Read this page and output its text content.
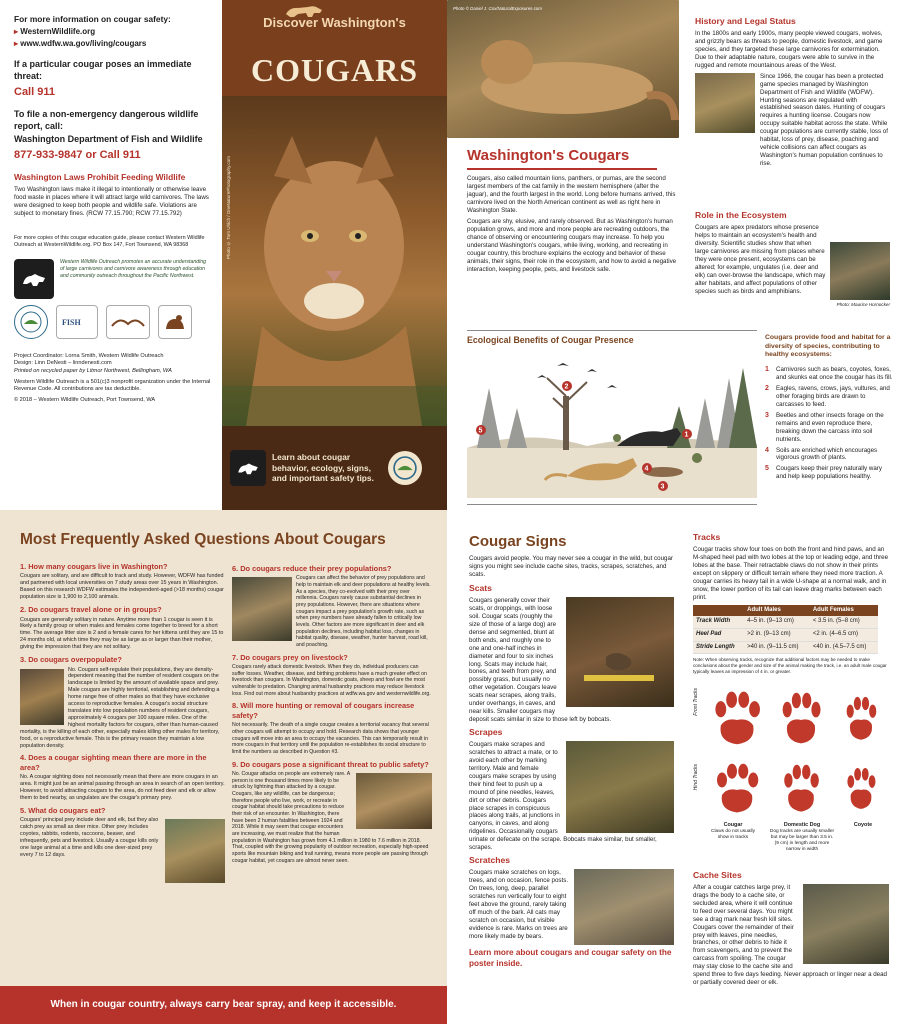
For more information on cougar safety:
▸ WesternWildlife.org
▸ www.wdfw.wa.gov/living/cougars
If a particular cougar poses an immediate threat:
Call 911
To file a non-emergency dangerous wildlife report, call:
Washington Department of Fish and Wildlife
877-933-9847 or Call 911
Washington Laws Prohibit Feeding Wildlife

Two Washington laws make it illegal to intentionally or otherwise leave food waste in places where it will attract large wild carnivores. The laws were designed to keep both people and wildlife safe. Violations are subject to monetary fines. (RCW 77.15.790; RCW 77.15.792)

For more copies of this cougar education guide, please contact Western Wildlife Outreach at WesternWildlife.org. PO Box 147, Fort Townsend, WA 98368

Western Wildlife Outreach promotes an accurate understanding of large carnivores and carnivore awareness through education and community outreach throughout the Pacific Northwest.

FISH
Project Coordinator: Lorna Smith, Western Wildlife Outreach
Design: Linn DeNesti – linndenesti.com
Printed on recycled paper by Litmor Northwest, Bellingham, WA

Western Wildlife Outreach is a 501(c)3 nonprofit organization under the Internal Revenue Code. All contributions are tax deductible.

© 2018 – Western Wildlife Outreach, Port Townsend, WA

Discover Washington's
COUGARS
Photo © Tom Ulrich / OneNaturePhotography.com
Learn about cougar behavior, ecology, signs, and important safety tips.
Photo © Daniel J. Cox/NaturalExposures.com
Washington's Cougars

Cougars, also called mountain lions, panthers, or pumas, are the second largest members of the cat family in the western hemisphere (after the jaguar), and the fourth largest in the world. Long before humans arrived, this carnivore lived on the North American continent as well as right here in Washington State.

Cougars are shy, elusive, and rarely observed. But as Washington's human population grows, and more and more people are recreating outdoors, the chance of observing or encountering cougars may increase. To help you understand Washington's cougars, while living, working, and recreating in cougar country, this brochure explains the ecology and behavior of these animals, their signs, their role in the ecosystem, and how to avoid a negative interaction, keeping people, pets, and livestock safe.

History and Legal Status

In the 1800s and early 1900s, many people viewed cougars, wolves, and grizzly bears as threats to people, domestic livestock, and game species, and they targeted these large carnivores for extermination. Due to their adaptable nature, cougars were able to survive in the rugged and remote mountainous areas of the West.

Since 1966, the cougar has been a protected game species managed by Washington Department of Fish and Wildlife (WDFW). Hunting seasons are regulated with established season dates. Hunting of cougars requires a hunting license. Cougars now occupy suitable habitat across the state. While cougar populations are currently stable, loss of habitat, loss of prey, disease, poaching and vehicle collisions can affect cougars as Washington's human population continues to rise.

Role in the Ecosystem

Cougars are apex predators whose presence helps to maintain an ecosystem's health and diversity. Scientific studies show that when large carnivores are missing from places where they were once present, ecosystems can be altered; for example, ungulates (i.e. deer and elk) can over-browse the landscape, which may alter habitats, and affect populations of other species such as birds and amphibians.

Photo: Maurice Hornocker
Ecological Benefits of Cougar Presence
5
2
1
4
3
Cougars provide food and habitat for a diversity of species, contributing to healthy ecosystems:
1	Carnivores such as bears, coyotes, foxes, and skunks eat once the cougar has its fill.
2	Eagles, ravens, crows, jays, vultures, and other foraging birds are drawn to carcasses to feed.
3	Beetles and other insects forage on the remains and even reproduce there, breaking down the carcass into soil nutrients.
4	Soils are enriched which encourages vigorous growth of plants.
5	Cougars keep their prey naturally wary and help keep populations healthy.
Most Frequently Asked Questions About Cougars
1. How many cougars live in Washington?

Cougars are solitary, and are difficult to track and study. However, WDFW has funded and partnered with local universities on 7 study areas over 15 years in Washington. Based on this research WDFW estimates the independent-aged (>18 months) cougar population size is 1,900 to 2,100 animals.

2. Do cougars travel alone or in groups?

Cougars are generally solitary in nature. Anytime more than 1 cougar is seen it is likely a family group or when males and females come together to breed for a short time. The average litter size is 2 and a female cares for her kittens until they are 15 to 24 months old, at which time they may be as large as or larger than their mother, giving the impression that they are not solitary.

3. Do cougars overpopulate?

No. Cougars self-regulate their populations, they are density-dependent meaning that the number of resident cougars on the landscape is limited by the amount of available space and prey. Male cougars are highly territorial, establishing and defending a home range free of other males so that they have exclusive access to reproductive females. A cougar's social structure translates into low population numbers of resident cougars, approximately 4 cougars per 100 square miles. One of the highest mortality factors for cougars, other than human-caused mortality, is the killing of each other, especially males killing other males for territory, food, or a reproductive female. This is the primary reason they maintain a low population density.

4. Does a cougar sighting mean there are more in the area?

No. A cougar sighting does not necessarily mean that there are more cougars in an area. It might just be an animal passing through an area in search of an open territory. However, to avoid attracting cougars to the area, do not feed deer and elk or allow them to bed nearby, as ungulates are the cougar's primary prey.

5. What do cougars eat?

Cougars' principal prey include deer and elk, but they also catch prey as small as deer mice. Other prey includes coyotes, rabbits, rodents, raccoons, beaver, and infrequently, pets and livestock. Usually a cougar kills only one large animal at a time and kills one deer-sized prey every 7 to 12 days.

6. Do cougars reduce their prey populations?

Cougars can affect the behavior of prey populations and help to maintain elk and deer populations at healthy levels. As a species, they co-evolved with their prey over millennia. Cougars rarely cause substantial declines in prey populations. However, there are situations where cougars impact a prey population's growth rate, such as when prey numbers have already fallen to critically low levels. Other factors are more significant in deer and elk population declines, including habitat loss, changes in habitat quality, disease, weather, hunter harvest, road kill, and poaching.

7. Do cougars prey on livestock?

Cougars rarely attack domestic livestock. When they do, individual producers can suffer losses. Weather, disease, and birthing problems have a much greater effect on livestock than cougars. In Washington, domestic goats, sheep and fowl are the most vulnerable to predation. Changing animal husbandry practices may reduce livestock loss. Find out more about husbandry practices at wdfw.wa.gov and westernwildlife.org.

8. Will more hunting or removal of cougars increase safety?

Not necessarily. The death of a single cougar creates a territorial vacancy that several other cougars will attempt to occupy and hold. Research data shows that younger cougars will move into an area to occupy the vacancies. This can temporarily result in more cougars in that territory until the population re-establishes its social structure to limit the numbers as described in Question #3.

9. Do cougars pose a significant threat to public safety?

No. Cougar attacks on people are extremely rare. A person is one thousand times more likely to be struck by lightning than attacked by a cougar. Cougars, like any wildlife, can be dangerous; therefore people who live, work, or recreate in cougar habitat should take precautions to reduce their risk of an encounter. In Washington, there have been 2 human fatalities between 1924 and 2018. While it may seem that cougar encounters are increasing, we must realize that the human population in Washington has grown from 4.1 million in 1980 to 7.6 million in 2018. That, coupled with the growing popularity of outdoor recreation, especially high-speed sports like mountain biking and trail running, means more people are passing through cougar habitat, yet cougars are almost never seen.

When in cougar country, always carry bear spray, and keep it accessible.
Cougar Signs

Cougars avoid people. You may never see a cougar in the wild, but cougar signs you might see include cache sites, tracks, scrapes, scratches, and scats.

Scats

Cougars generally cover their scats, or droppings, with loose soil. Cougar scats (roughly the size of those of a large dog) are dense and segmented, blunt at both ends, and roughly one to one and one-half inches in diameter and four to six inches long. Scats may include hair, bones, and teeth from prey, and possibly grass, but usually no other vegetation. Cougars leave scats near scrapes, along trails, under overhangs, in caves, and near kills. Smaller cougars may deposit scats similar in size to those left by bobcats.

Scrapes

Cougars make scrapes and scratches to attract a mate, or to avoid each other by marking territory. Male and female cougars make scrapes by using their hind feet to push up a mound of pine needles, leaves, dirt or other debris. Cougars place scrapes in conspicuous places along trails, at junctions in canyons, in caves, and along ridgelines. Occasionally cougars urinate or defecate on the scrape. Bobcats make similar, but smaller, scrapes.

Scratches

Cougars make scratches on logs, trees, and on occasion, fence posts. On trees, long, deep, parallel scratches run vertically four to eight feet above the ground, rarely taking off much of the bark. All cats may scratch on occasion, but visible evidence is rare. Marks on trees are more likely made by bears.

Learn more about cougars and cougar safety on the poster inside.
Tracks

Cougar tracks show four toes on both the front and hind paws, and an M-shaped heel pad with two lobes at the top or leading edge, and three lobes at the base. Their retractable claws do not show in their prints except on slippery or difficult terrain where they need more traction. A cougar carries its heavy tail in a wide U-shape at a normal walk, and in snow, the lower portion of its tail can leave drag marks between each print.

	Adult Males	Adult Females
Track Width	4–5 in. (9–13 cm)	< 3.5 in. (5–8 cm)
Heel Pad	>2 in. (9–13 cm)	<2 in. (4–6.5 cm)
Stride Length	>40 in. (9–11.5 cm)	<40 in. (4.5–7.5 cm)

Note: When observing tracks, recognize that additional factors may be needed to make conclusions about the gender and size of the animal making the track, i.e. an adult male cougar typically leaves an impression of 4 in. or greater.

Front Tracks
Hind Tracks
Cougar
Claws do not usually show in tracks
Domestic Dog
Dog tracks are usually smaller but may be larger than 3.5 in. (9 cm) in length and more narrow in width
Coyote
Cache Sites

After a cougar catches large prey, it drags the body to a cache site, or secluded area, where it will continue to feed over several days. You might see a drag mark near fresh kill sites. Cougars cover the remainder of their prey with leaves, pine needles, branches, or other debris to hide it from scavengers, and to prevent the carcass from spoiling. The cougar may stay close to the cache site and spend three to five days feeding. Never approach or linger near a dead or partially covered deer or elk.
